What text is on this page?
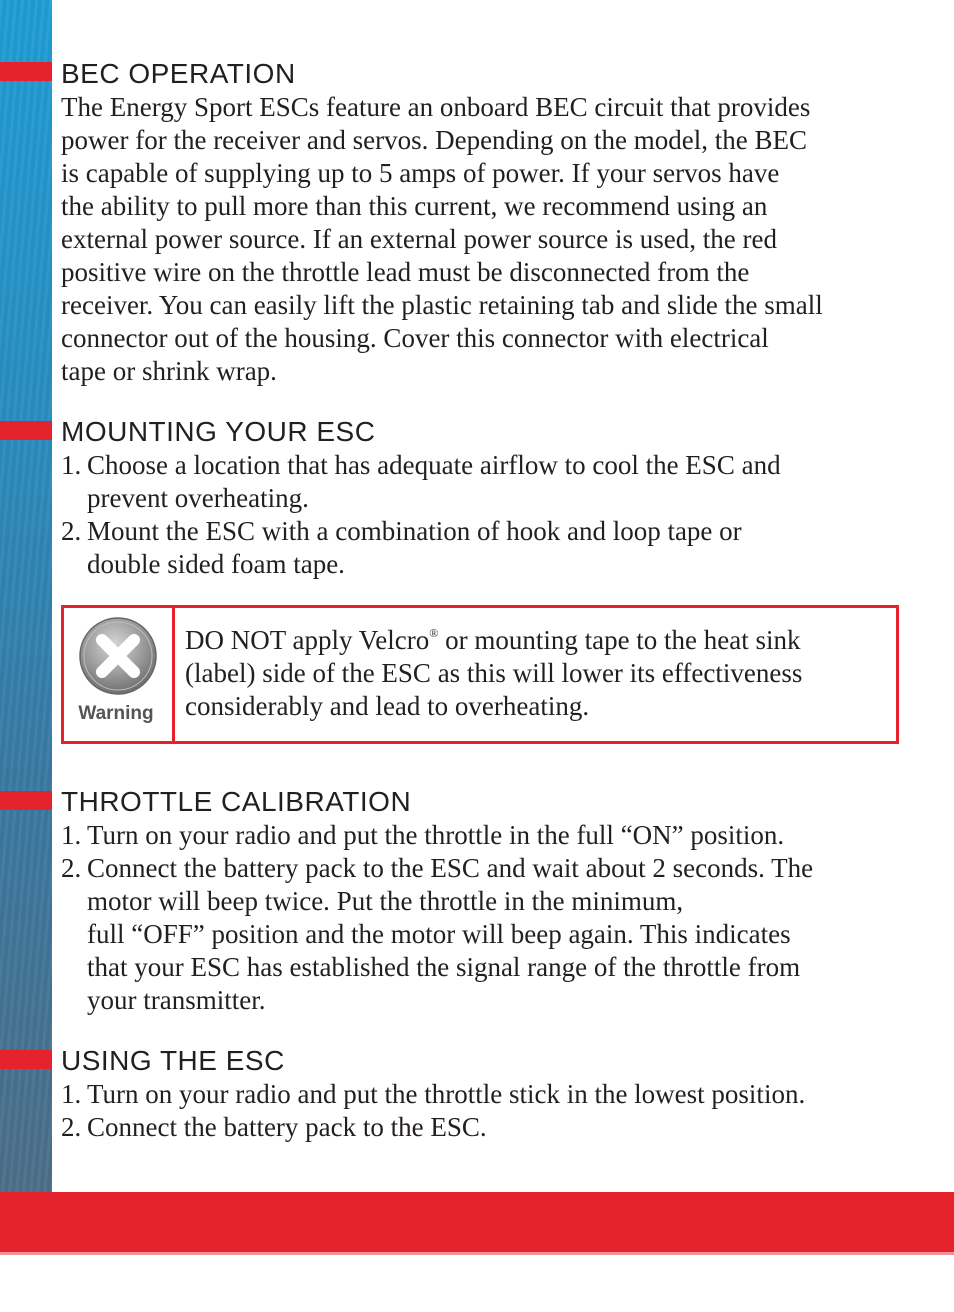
BEC OPERATION

The Energy Sport ESCs feature an onboard BEC circuit that provides
power for the receiver and servos. Depending on the model, the BEC
is capable of supplying up to 5 amps of power. If your servos have
the ability to pull more than this current, we recommend using an
external power source. If an external power source is used, the red
positive wire on the throttle lead must be disconnected from the
receiver. You can easily lift the plastic retaining tab and slide the small
connector out of the housing. Cover this connector with electrical
tape or shrink wrap.

MOUNTING YOUR ESC
1. Choose a location that has adequate airflow to cool the ESC and
prevent overheating.
2. Mount the ESC with a combination of hook and loop tape or
double sided foam tape.
Warning

DO NOT apply Velcro® or mounting tape to the heat sink
(label) side of the ESC as this will lower its effectiveness
considerably and lead to overheating.

THROTTLE CALIBRATION
1. Turn on your radio and put the throttle in the full “ON” position.
2. Connect the battery pack to the ESC and wait about 2 seconds. The
motor will beep twice. Put the throttle in the minimum,
full “OFF” position and the motor will beep again. This indicates
that your ESC has established the signal range of the throttle from
your transmitter.
USING THE ESC
1. Turn on your radio and put the throttle stick in the lowest position.
2. Connect the battery pack to the ESC.
